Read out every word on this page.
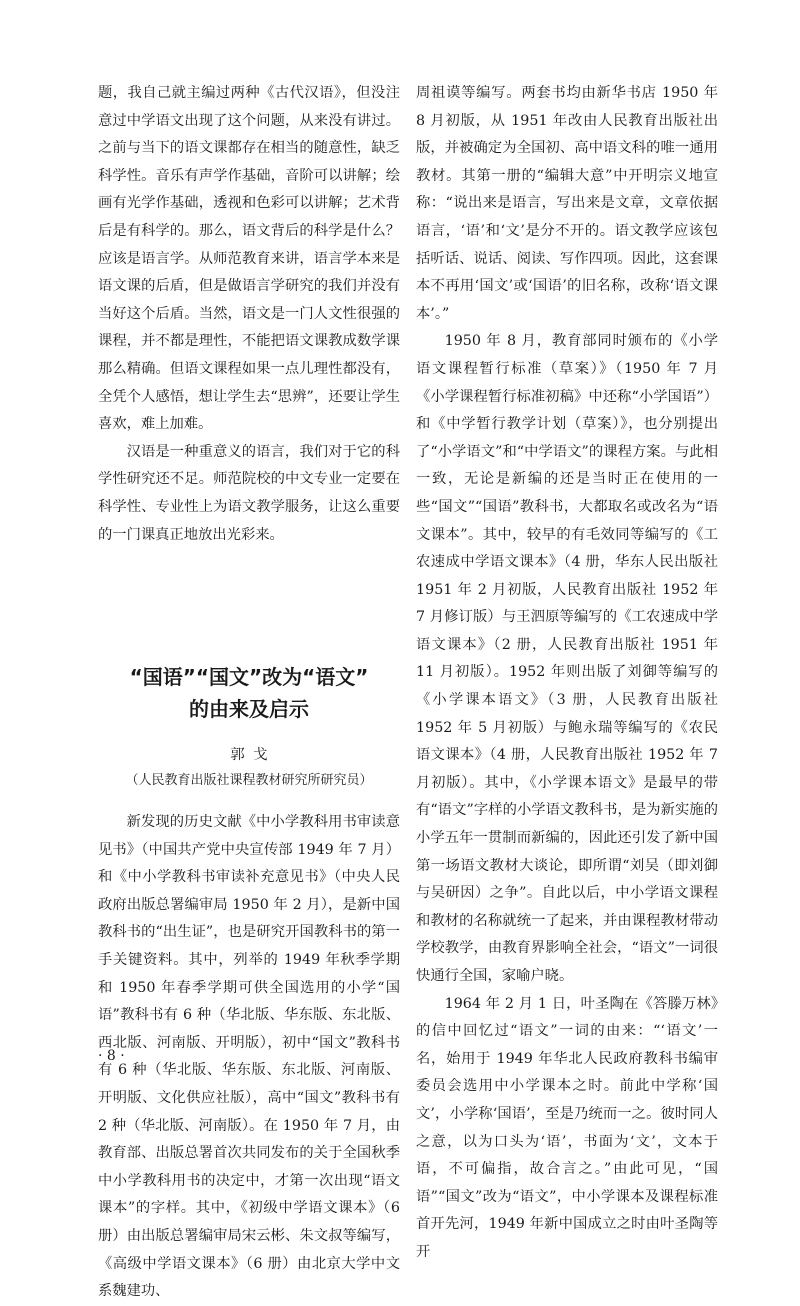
题，我自己就主编过两种《古代汉语》，但没注意过中学语文出现了这个问题，从来没有讲过。之前与当下的语文课都存在相当的随意性，缺乏科学性。音乐有声学作基础，音阶可以讲解；绘画有光学作基础，透视和色彩可以讲解；艺术背后是有科学的。那么，语文背后的科学是什么？应该是语言学。从师范教育来讲，语言学本来是语文课的后盾，但是做语言学研究的我们并没有当好这个后盾。当然，语文是一门人文性很强的课程，并不都是理性，不能把语文课教成数学课那么精确。但语文课程如果一点儿理性都没有，全凭个人感悟，想让学生去“思辨”，还要让学生喜欢，难上加难。

汉语是一种重意义的语言，我们对于它的科学性研究还不足。师范院校的中文专业一定要在科学性、专业性上为语文教学服务，让这么重要的一门课真正地放出光彩来。

“国语”“国文”改为“语文”
的由来及启示
郭戈
（人民教育出版社课程教材研究所研究员）

新发现的历史文献《中小学教科用书审读意见书》（中国共产党中央宣传部 1949 年 7 月）和《中小学教科书审读补充意见书》（中央人民政府出版总署编审局 1950 年 2 月），是新中国教科书的“出生证”，也是研究开国教科书的第一手关键资料。其中，列举的 1949 年秋季学期和 1950 年春季学期可供全国选用的小学“国语”教科书有 6 种（华北版、华东版、东北版、西北版、河南版、开明版），初中“国文”教科书有 6 种（华北版、华东版、东北版、河南版、开明版、文化供应社版），高中“国文”教科书有 2 种（华北版、河南版）。在 1950 年 7 月，由教育部、出版总署首次共同发布的关于全国秋季中小学教科用书的决定中，才第一次出现“语文课本”的字样。其中，《初级中学语文课本》（6 册）由出版总署编审局宋云彬、朱文叔等编写，《高级中学语文课本》（6 册）由北京大学中文系魏建功、

周祖谟等编写。两套书均由新华书店 1950 年 8 月初版，从 1951 年改由人民教育出版社出版，并被确定为全国初、高中语文科的唯一通用教材。其第一册的“编辑大意”中开明宗义地宣称：“说出来是语言，写出来是文章，文章依据语言，‘语’和‘文’是分不开的。语文教学应该包括听话、说话、阅读、写作四项。因此，这套课本不再用‘国文’或‘国语’的旧名称，改称‘语文课本’。”

1950 年 8 月，教育部同时颁布的《小学语文课程暂行标准（草案）》（1950 年 7 月《小学课程暂行标准初稿》中还称“小学国语”）和《中学暂行教学计划（草案）》，也分别提出了“小学语文”和“中学语文”的课程方案。与此相一致，无论是新编的还是当时正在使用的一些“国文”“国语”教科书，大都取名或改名为“语文课本”。其中，较早的有毛效同等编写的《工农速成中学语文课本》（4 册，华东人民出版社 1951 年 2 月初版，人民教育出版社 1952 年 7 月修订版）与王泗原等编写的《工农速成中学语文课本》（2 册，人民教育出版社 1951 年 11 月初版）。1952 年则出版了刘御等编写的《小学课本语文》（3 册，人民教育出版社 1952 年 5 月初版）与鲍永瑞等编写的《农民语文课本》（4 册，人民教育出版社 1952 年 7 月初版）。其中，《小学课本语文》是最早的带有“语文”字样的小学语文教科书，是为新实施的小学五年一贯制而新编的，因此还引发了新中国第一场语文教材大谈论，即所谓“刘吴（即刘御与吴研因）之争”。自此以后，中小学语文课程和教材的名称就统一了起来，并由课程教材带动学校教学，由教育界影响全社会，“语文”一词很快通行全国，家喻户晓。

1964 年 2 月 1 日，叶圣陶在《答滕万林》的信中回忆过“语文”一词的由来：“‘语文’一名，始用于 1949 年华北人民政府教科书编审委员会选用中小学课本之时。前此中学称‘国文’，小学称‘国语’，至是乃统而一之。彼时同人之意，以为口头为‘语’，书面为‘文’，文本于语，不可偏指，故合言之。”由此可见，“国语”“国文”改为“语文”，中小学课本及课程标准首开先河，1949 年新中国成立之时由叶圣陶等开

· 8 ·
